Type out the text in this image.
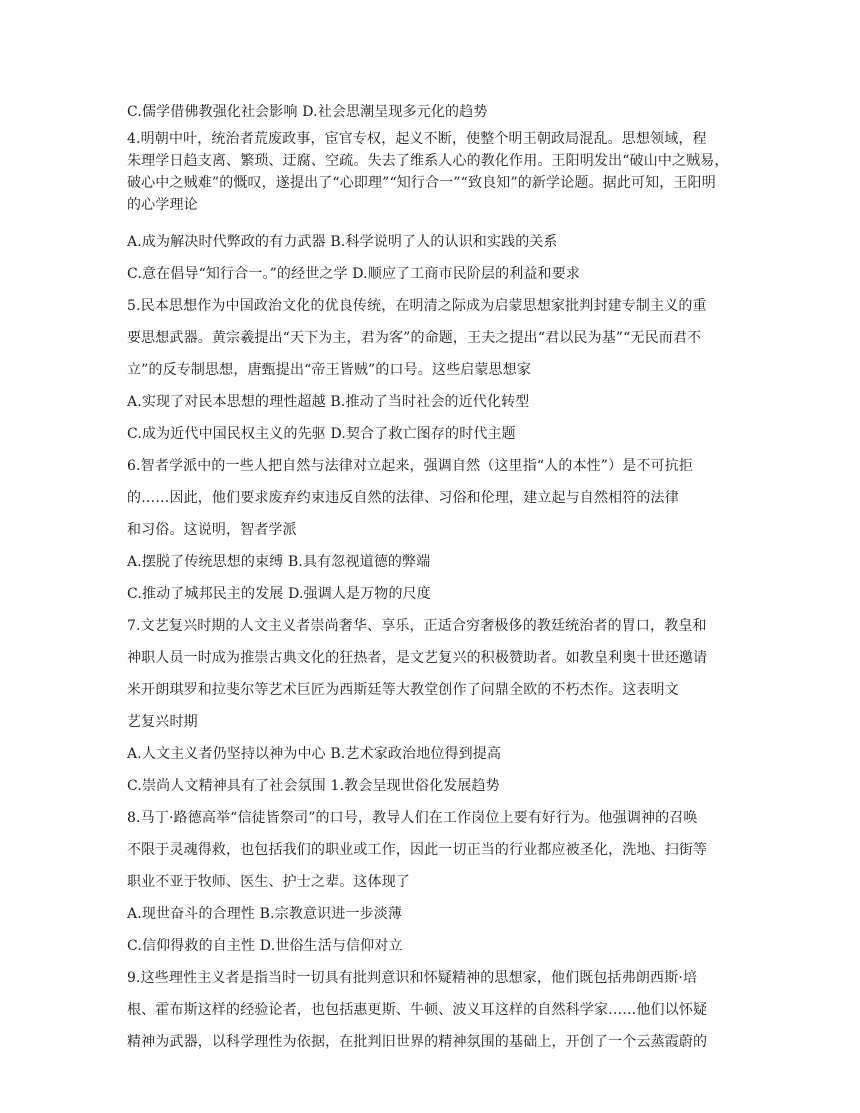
C.儒学借佛教强化社会影响 D.社会思潮呈现多元化的趋势
4.明朝中叶，统治者荒废政事，宦官专权，起义不断，使整个明王朝政局混乱。思想领域，程
朱理学日趋支离、繁琐、迂腐、空疏。失去了维系人心的教化作用。王阳明发出“破山中之贼易，
破心中之贼难”的慨叹，遂提出了“心即理”“知行合一”“致良知”的新学论题。据此可知，王阳明
的心学理论
A.成为解决时代弊政的有力武器 B.科学说明了人的认识和实践的关系
C.意在倡导“知行合一。”的经世之学 D.顺应了工商市民阶层的利益和要求
5.民本思想作为中国政治文化的优良传统，在明清之际成为启蒙思想家批判封建专制主义的重
要思想武器。黄宗羲提出“天下为主，君为客”的命题，王夫之提出“君以民为基”“无民而君不
立”的反专制思想，唐甄提出“帝王皆贼”的口号。这些启蒙思想家
A.实现了对民本思想的理性超越 B.推动了当时社会的近代化转型
C.成为近代中国民权主义的先驱 D.契合了救亡图存的时代主题
6.智者学派中的一些人把自然与法律对立起来，强调自然（这里指“人的本性”）是不可抗拒
的……因此，他们要求废弃约束违反自然的法律、习俗和伦理，建立起与自然相符的法律
和习俗。这说明，智者学派
A.摆脱了传统思想的束缚 B.具有忽视道德的弊端
C.推动了城邦民主的发展 D.强调人是万物的尺度
7.文艺复兴时期的人文主义者崇尚奢华、享乐，正适合穷奢极侈的教廷统治者的胃口，教皇和
神职人员一时成为推崇古典文化的狂热者，是文艺复兴的积极赞助者。如教皇利奥十世还邀请
米开朗琪罗和拉斐尔等艺术巨匠为西斯廷等大教堂创作了问鼎全欧的不朽杰作。这表明文
艺复兴时期
A.人文主义者仍坚持以神为中心 B.艺术家政治地位得到提高
C.崇尚人文精神具有了社会氛围 1.教会呈现世俗化发展趋势
8.马丁·路德高举“信徒皆祭司”的口号，教导人们在工作岗位上要有好行为。他强调神的召唤
不限于灵魂得救，也包括我们的职业或工作，因此一切正当的行业都应被圣化，洗地、扫街等
职业不亚于牧师、医生、护士之辈。这体现了
A.现世奋斗的合理性 B.宗教意识进一步淡薄
C.信仰得救的自主性 D.世俗生活与信仰对立
9.这些理性主义者是指当时一切具有批判意识和怀疑精神的思想家，他们既包括弗朗西斯·培
根、霍布斯这样的经验论者，也包括惠更斯、牛顿、波义耳这样的自然科学家……他们以怀疑
精神为武器，以科学理性为依据，在批判旧世界的精神氛围的基础上，开创了一个云蒸霞蔚的
